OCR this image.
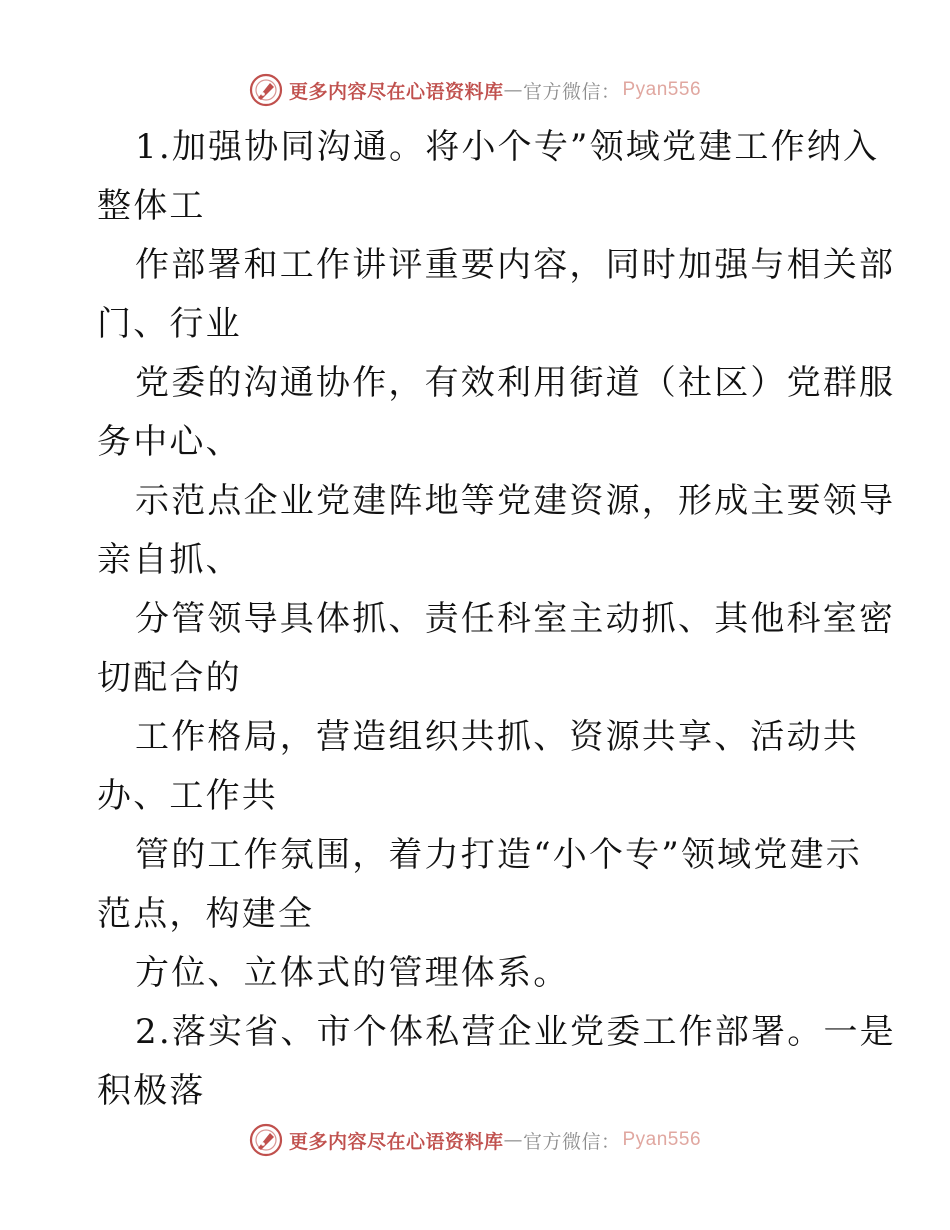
更多内容尽在心语资料库 — 官方微信： Pyan556
1.加强协同沟通。将小个专”领域党建工作纳入
整体工
作部署和工作讲评重要内容，同时加强与相关部
门、行业
党委的沟通协作，有效利用街道（社区）党群服
务中心、
示范点企业党建阵地等党建资源，形成主要领导
亲自抓、
分管领导具体抓、责任科室主动抓、其他科室密
切配合的
工作格局，营造组织共抓、资源共享、活动共
办、工作共
管的工作氛围，着力打造“小个专”领域党建示
范点，构建全
方位、立体式的管理体系。
2.落实省、市个体私营企业党委工作部署。一是
积极落
更多内容尽在心语资料库 — 官方微信： Pyan556
